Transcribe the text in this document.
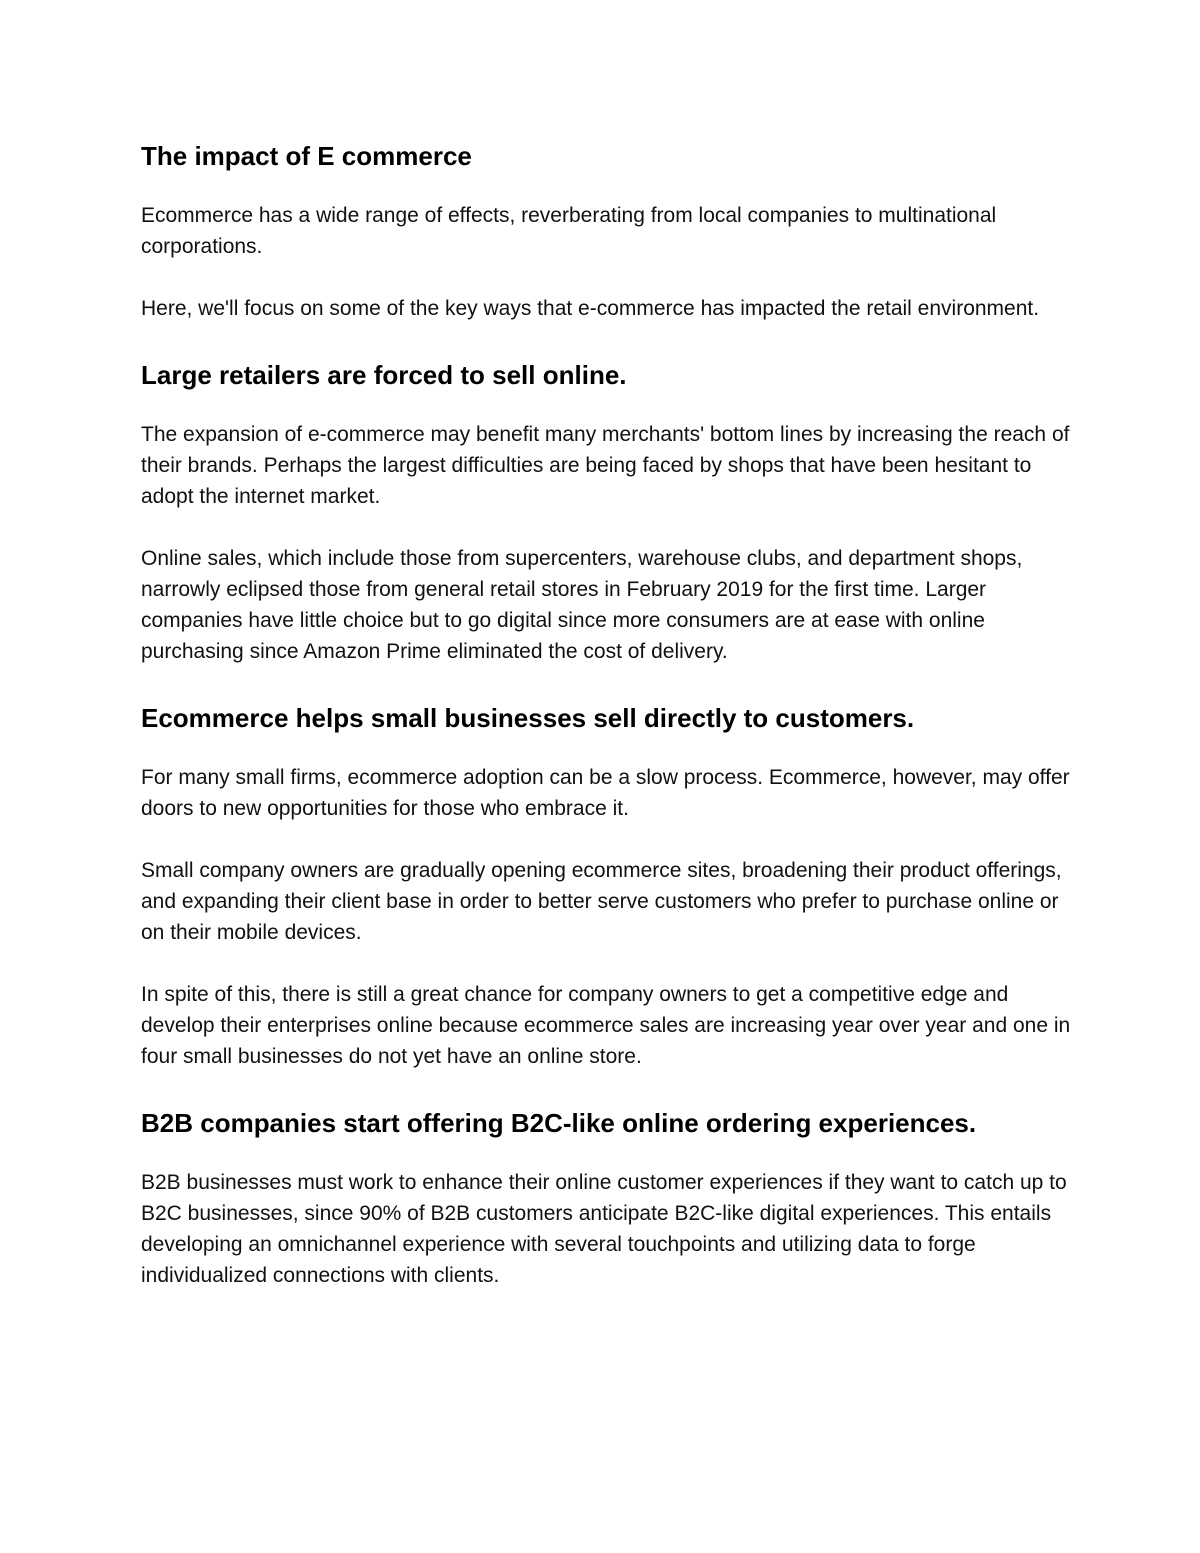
The impact of E commerce

Ecommerce has a wide range of effects, reverberating from local companies to multinational corporations.

Here, we'll focus on some of the key ways that e-commerce has impacted the retail environment.

Large retailers are forced to sell online.

The expansion of e-commerce may benefit many merchants' bottom lines by increasing the reach of their brands. Perhaps the largest difficulties are being faced by shops that have been hesitant to adopt the internet market.

Online sales, which include those from supercenters, warehouse clubs, and department shops, narrowly eclipsed those from general retail stores in February 2019 for the first time. Larger companies have little choice but to go digital since more consumers are at ease with online purchasing since Amazon Prime eliminated the cost of delivery.

Ecommerce helps small businesses sell directly to customers.

For many small firms, ecommerce adoption can be a slow process. Ecommerce, however, may offer doors to new opportunities for those who embrace it.

Small company owners are gradually opening ecommerce sites, broadening their product offerings, and expanding their client base in order to better serve customers who prefer to purchase online or on their mobile devices.

In spite of this, there is still a great chance for company owners to get a competitive edge and develop their enterprises online because ecommerce sales are increasing year over year and one in four small businesses do not yet have an online store.

B2B companies start offering B2C-like online ordering experiences.

B2B businesses must work to enhance their online customer experiences if they want to catch up to B2C businesses, since 90% of B2B customers anticipate B2C-like digital experiences. This entails developing an omnichannel experience with several touchpoints and utilizing data to forge individualized connections with clients.
